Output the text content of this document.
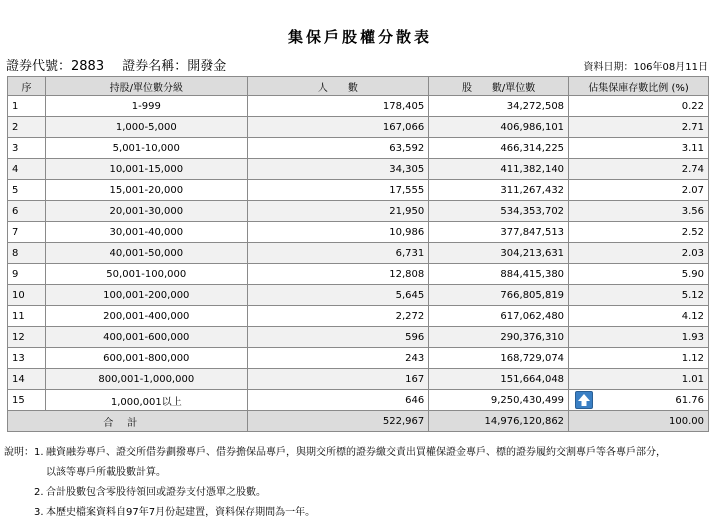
集保戶股權分散表
證券代號：2883 證券名稱：開發金	資料日期：106年08月11日
序	持股/單位數分級	人　　數	股　　數/單位數	佔集保庫存數比例 (%)
1	1-999	178,405	34,272,508	0.22
2	1,000-5,000	167,066	406,986,101	2.71
3	5,001-10,000	63,592	466,314,225	3.11
4	10,001-15,000	34,305	411,382,140	2.74
5	15,001-20,000	17,555	311,267,432	2.07
6	20,001-30,000	21,950	534,353,702	3.56
7	30,001-40,000	10,986	377,847,513	2.52
8	40,001-50,000	6,731	304,213,631	2.03
9	50,001-100,000	12,808	884,415,380	5.90
10	100,001-200,000	5,645	766,805,819	5.12
11	200,001-400,000	2,272	617,062,480	4.12
12	400,001-600,000	596	290,376,310	1.93
13	600,001-800,000	243	168,729,074	1.12
14	800,001-1,000,000	167	151,664,048	1.01
15	1,000,001以上	646	9,250,430,499	61.76

合計		522,967	14,976,120,862	100.00
說明： 1. 融資融券專戶、證交所借券劃撥專戶、借券擔保品專戶，與期交所標的證券繳交責出買權保證金專戶、標的證券履約交割專戶等各專戶部分，
以該等專戶所載股數計算。
2. 合計股數包含零股待領回或證券支付憑單之股數。
3. 本歷史檔案資料自97年7月份起建置，資料保存期間為一年。
